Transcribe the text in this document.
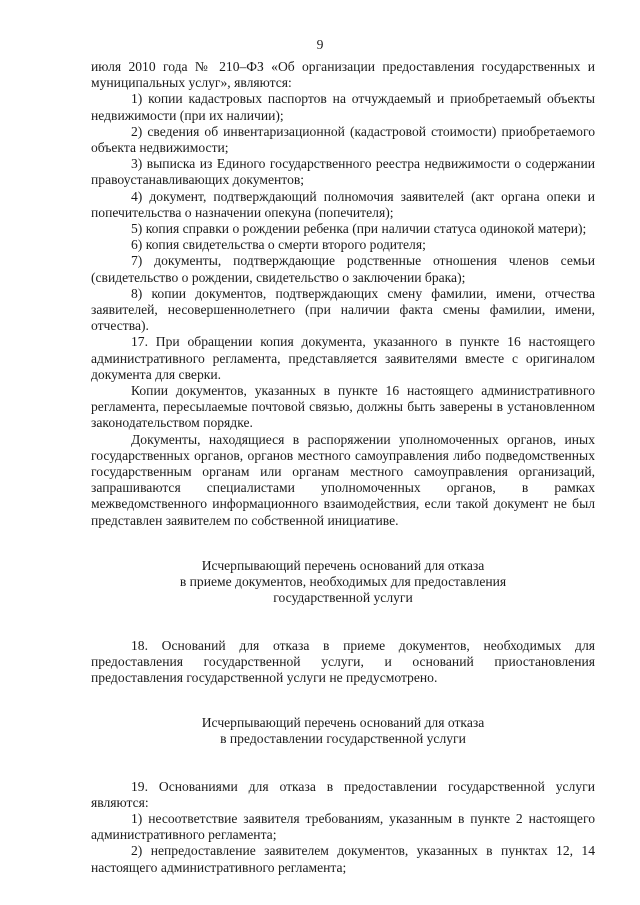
9

июля 2010 года № 210–ФЗ «Об организации предоставления государственных и муниципальных услуг», являются:

1) копии кадастровых паспортов на отчуждаемый и приобретаемый объекты недвижимости (при их наличии);

2) сведения об инвентаризационной (кадастровой стоимости) приобретаемого объекта недвижимости;

3) выписка из Единого государственного реестра недвижимости о содержании правоустанавливающих документов;

4) документ, подтверждающий полномочия заявителей (акт органа опеки и попечительства о назначении опекуна (попечителя);

5) копия справки о рождении ребенка (при наличии статуса одинокой матери);

6) копия свидетельства о смерти второго родителя;

7) документы, подтверждающие родственные отношения членов семьи (свидетельство о рождении, свидетельство о заключении брака);

8) копии документов, подтверждающих смену фамилии, имени, отчества заявителей, несовершеннолетнего (при наличии факта смены фамилии, имени, отчества).

17. При обращении копия документа, указанного в пункте 16 настоящего административного регламента, представляется заявителями вместе с оригиналом документа для сверки.

Копии документов, указанных в пункте 16 настоящего административного регламента, пересылаемые почтовой связью, должны быть заверены в установленном законодательством порядке.

Документы, находящиеся в распоряжении уполномоченных органов, иных государственных органов, органов местного самоуправления либо подведомственных государственным органам или органам местного самоуправления организаций, запрашиваются специалистами уполномоченных органов, в рамках межведомственного информационного взаимодействия, если такой документ не был представлен заявителем по собственной инициативе.

Исчерпывающий перечень оснований для отказа
в приеме документов, необходимых для предоставления
государственной услуги

18. Оснований для отказа в приеме документов, необходимых для предоставления государственной услуги, и оснований приостановления предоставления государственной услуги не предусмотрено.

Исчерпывающий перечень оснований для отказа
в предоставлении государственной услуги

19. Основаниями для отказа в предоставлении государственной услуги являются:

1) несоответствие заявителя требованиям, указанным в пункте 2 настоящего административного регламента;

2) непредоставление заявителем документов, указанных в пунктах 12, 14 настоящего административного регламента;
